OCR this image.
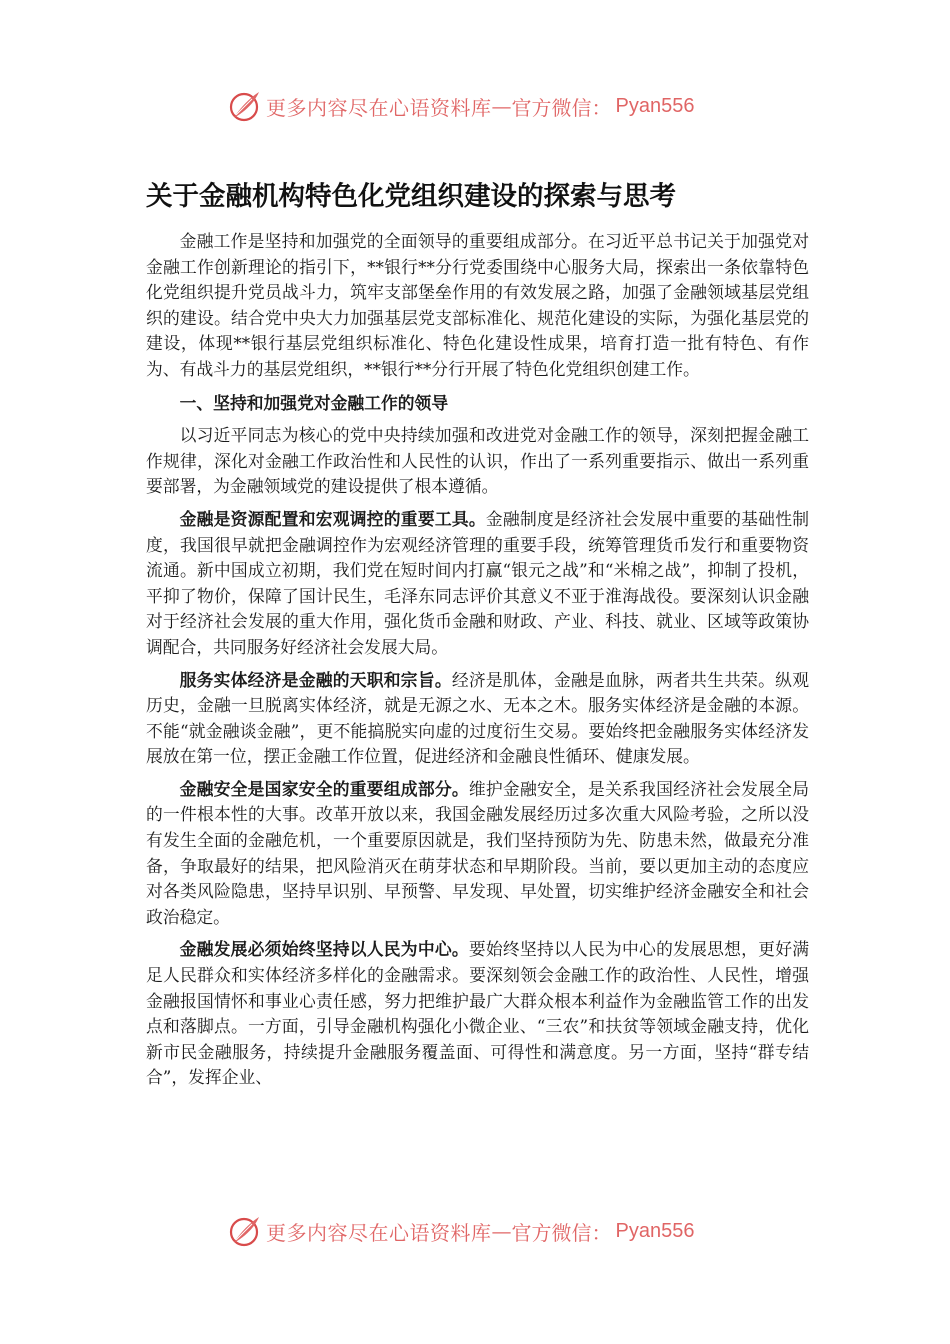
更多内容尽在心语资料库 — 官方微信： Pyan556
关于金融机构特色化党组织建设的探索与思考

金融工作是坚持和加强党的全面领导的重要组成部分。在习近平总书记关于加强党对金融工作创新理论的指引下，**银行**分行党委围绕中心服务大局，探索出一条依靠特色化党组织提升党员战斗力，筑牢支部堡垒作用的有效发展之路，加强了金融领域基层党组织的建设。结合党中央大力加强基层党支部标准化、规范化建设的实际，为强化基层党的建设，体现**银行基层党组织标准化、特色化建设性成果，培育打造一批有特色、有作为、有战斗力的基层党组织，**银行**分行开展了特色化党组织创建工作。

一、坚持和加强党对金融工作的领导

以习近平同志为核心的党中央持续加强和改进党对金融工作的领导，深刻把握金融工作规律，深化对金融工作政治性和人民性的认识，作出了一系列重要指示、做出一系列重要部署，为金融领域党的建设提供了根本遵循。

金融是资源配置和宏观调控的重要工具。金融制度是经济社会发展中重要的基础性制度，我国很早就把金融调控作为宏观经济管理的重要手段，统筹管理货币发行和重要物资流通。新中国成立初期，我们党在短时间内打赢“银元之战”和“米棉之战”，抑制了投机，平抑了物价，保障了国计民生，毛泽东同志评价其意义不亚于淮海战役。要深刻认识金融对于经济社会发展的重大作用，强化货币金融和财政、产业、科技、就业、区域等政策协调配合，共同服务好经济社会发展大局。

服务实体经济是金融的天职和宗旨。经济是肌体，金融是血脉，两者共生共荣。纵观历史，金融一旦脱离实体经济，就是无源之水、无本之木。服务实体经济是金融的本源。不能“就金融谈金融”，更不能搞脱实向虚的过度衍生交易。要始终把金融服务实体经济发展放在第一位，摆正金融工作位置，促进经济和金融良性循环、健康发展。

金融安全是国家安全的重要组成部分。维护金融安全，是关系我国经济社会发展全局的一件根本性的大事。改革开放以来，我国金融发展经历过多次重大风险考验，之所以没有发生全面的金融危机，一个重要原因就是，我们坚持预防为先、防患未然，做最充分准备，争取最好的结果，把风险消灭在萌芽状态和早期阶段。当前，要以更加主动的态度应对各类风险隐患，坚持早识别、早预警、早发现、早处置，切实维护经济金融安全和社会政治稳定。

金融发展必须始终坚持以人民为中心。要始终坚持以人民为中心的发展思想，更好满足人民群众和实体经济多样化的金融需求。要深刻领会金融工作的政治性、人民性，增强金融报国情怀和事业心责任感，努力把维护最广大群众根本利益作为金融监管工作的出发点和落脚点。一方面，引导金融机构强化小微企业、“三农”和扶贫等领域金融支持，优化新市民金融服务，持续提升金融服务覆盖面、可得性和满意度。另一方面，坚持“群专结合”，发挥企业、

更多内容尽在心语资料库 — 官方微信： Pyan556
